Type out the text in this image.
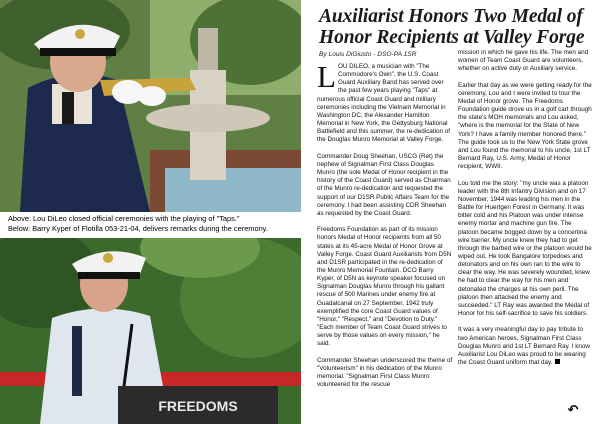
Above: Lou DiLeo closed official ceremonies with the playing of "Taps."
Below: Barry Kyper of Flotilla 053-21-04, delivers remarks during the ceremony.
FREEDOMS
Auxiliarist Honors Two Medal of Honor Recipients at Valley Forge
By Louis DiGiusto - DSO-PA 1SR

LOU DILEO, a musician with "The Commodore's Own", the U.S. Coast Guard Auxiliary Band has served over the past few years playing "Taps" at numerous official Coast Guard and military ceremonies including the Vietnam Memorial in Washington DC, the Alexander Hamilton Memorial in New York, the Gettysburg National Battlefield and this summer, the re-dedication of the Douglas Munro Memorial at Valley Forge.

Commander Doug Sheehan, USCG (Ret) the nephew of Signalman First Class Douglas Munro (the sole Medal of Honor recipient in the history of the Coast Guard) served as Chairman of the Munro re-dedication and requested the support of our D1SR Public Affairs Team for the ceremony. I had been assisting CDR Sheehan as requested by the Coast Guard.

Freedoms Foundation as part of its mission honors Medal of Honor recipients from all 50 states at its 45-acre Medal of Honor Grove at Valley Forge. Coast Guard Auxiliarists from D5N and D1SR participated in the re-dedication of the Munro Memorial Fountain. DCO Barry Kyper, of D5N as keynote speaker focused on Signalman Douglas Munro through his gallant rescue of 500 Marines under enemy fire at Guadalcanal on 27 September, 1942 truly exemplified the core Coast Guard values of "Honor," "Respect," and "Devotion to Duty." "Each member of Team Coast Guard strives to serve by those values on every mission," he said.

Commander Sheehan underscored the theme of "Volunteerism" in his dedication of the Munro memorial. "Signalman First Class Munro volunteered for the rescue

mission in which he gave his life. The men and women of Team Coast Guard are volunteers, whether on active duty or Auxiliary service.

Earlier that day as we were getting ready for the ceremony, Lou and I were invited to tour the Medal of Honor grove. The Freedoms Foundation guide drove us in a golf cart through the state's MOH memorials and Lou asked, "where is the memorial for the State of New York? I have a family member honored there." The guide took us to the New York State grove and Lou found the memorial to his uncle, 1st LT Bernard Ray, U.S. Army, Medal of Honor recipient, WWII.

Lou told me the story: "my uncle was a platoon leader with the 8th Infantry Division and on 17 November, 1944 was leading his men in the Battle for Huertgen Forest in Germany. It was bitter cold and his Platoon was under intense enemy mortar and machine gun fire. The platoon became bogged down by a concertina wire barrier. My uncle knew they had to get through the barbed wire or the platoon would be wiped out. He took Bangalore torpedoes and detonators and on his own ran to the wire to clear the way. He was severely wounded, knew he had to clear the way for his men and detonated the charges at his own peril. The platoon then attacked the enemy and succeeded." LT Ray was awarded the Medal of Honor for his self-sacrifice to save his soldiers.

It was a very meaningful day to pay tribute to two American heroes, Signalman First Class Douglas Munro and 1st LT Bernard Ray. I know Auxiliarist Lou DiLeo was proud to be wearing the Coast Guard uniform that day.

↶
